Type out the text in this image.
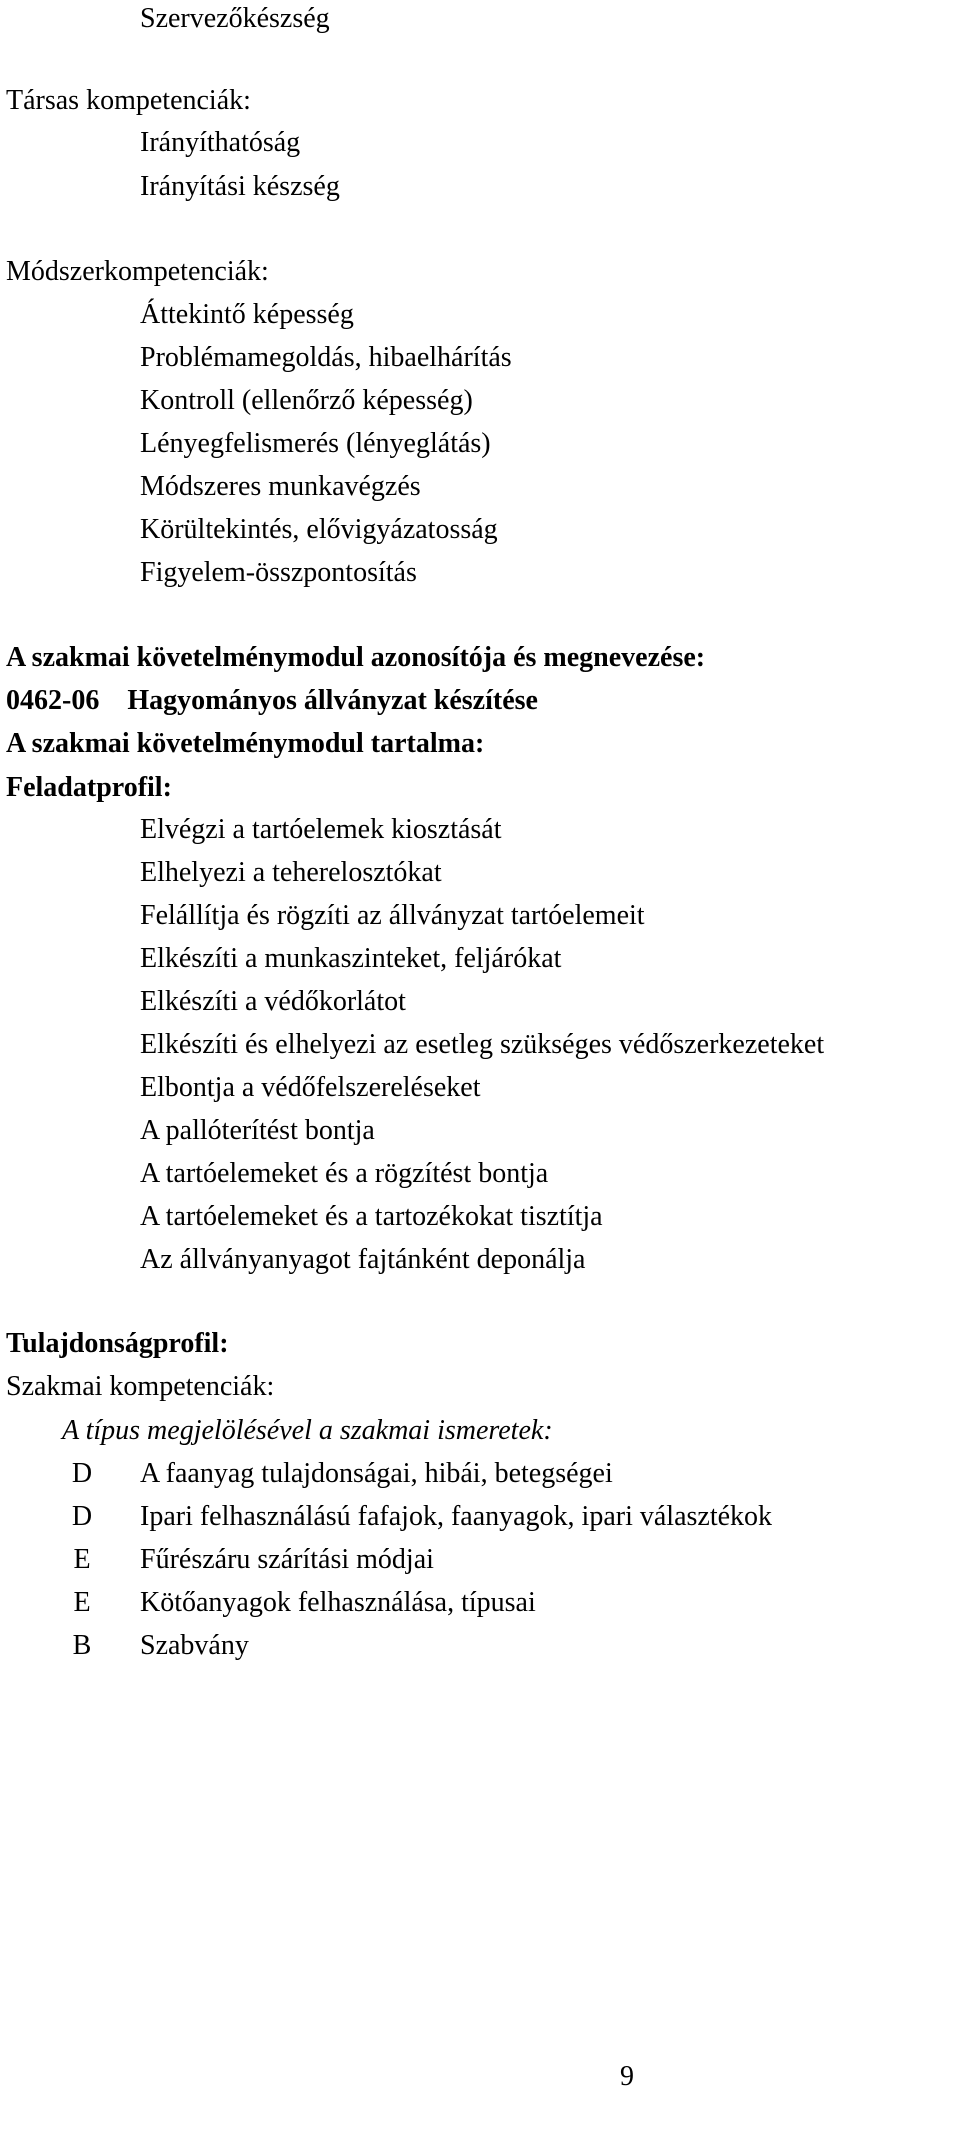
Szervezőkészség
Társas kompetenciák:
Irányíthatóság
Irányítási készség
Módszerkompetenciák:
Áttekintő képesség
Problémamegoldás, hibaelhárítás
Kontroll (ellenőrző képesség)
Lényegfelismerés (lényeglátás)
Módszeres munkavégzés
Körültekintés, elővigyázatosság
Figyelem-összpontosítás
A szakmai követelménymodul azonosítója és megnevezése:
0462-06 Hagyományos állványzat készítése
A szakmai követelménymodul tartalma:
Feladatprofil:
Elvégzi a tartóelemek kiosztását
Elhelyezi a teherelosztókat
Felállítja és rögzíti az állványzat tartóelemeit
Elkészíti a munkaszinteket, feljárókat
Elkészíti a védőkorlátot
Elkészíti és elhelyezi az esetleg szükséges védőszerkezeteket
Elbontja a védőfelszereléseket
A pallóterítést bontja
A tartóelemeket és a rögzítést bontja
A tartóelemeket és a tartozékokat tisztítja
Az állványanyagot fajtánként deponálja
Tulajdonságprofil:
Szakmai kompetenciák:
A típus megjelölésével a szakmai ismeretek:
D	A faanyag tulajdonságai, hibái, betegségei
D	Ipari felhasználású fafajok, faanyagok, ipari választékok
E	Fűrészáru szárítási módjai
E	Kötőanyagok felhasználása, típusai
B	Szabvány
9
